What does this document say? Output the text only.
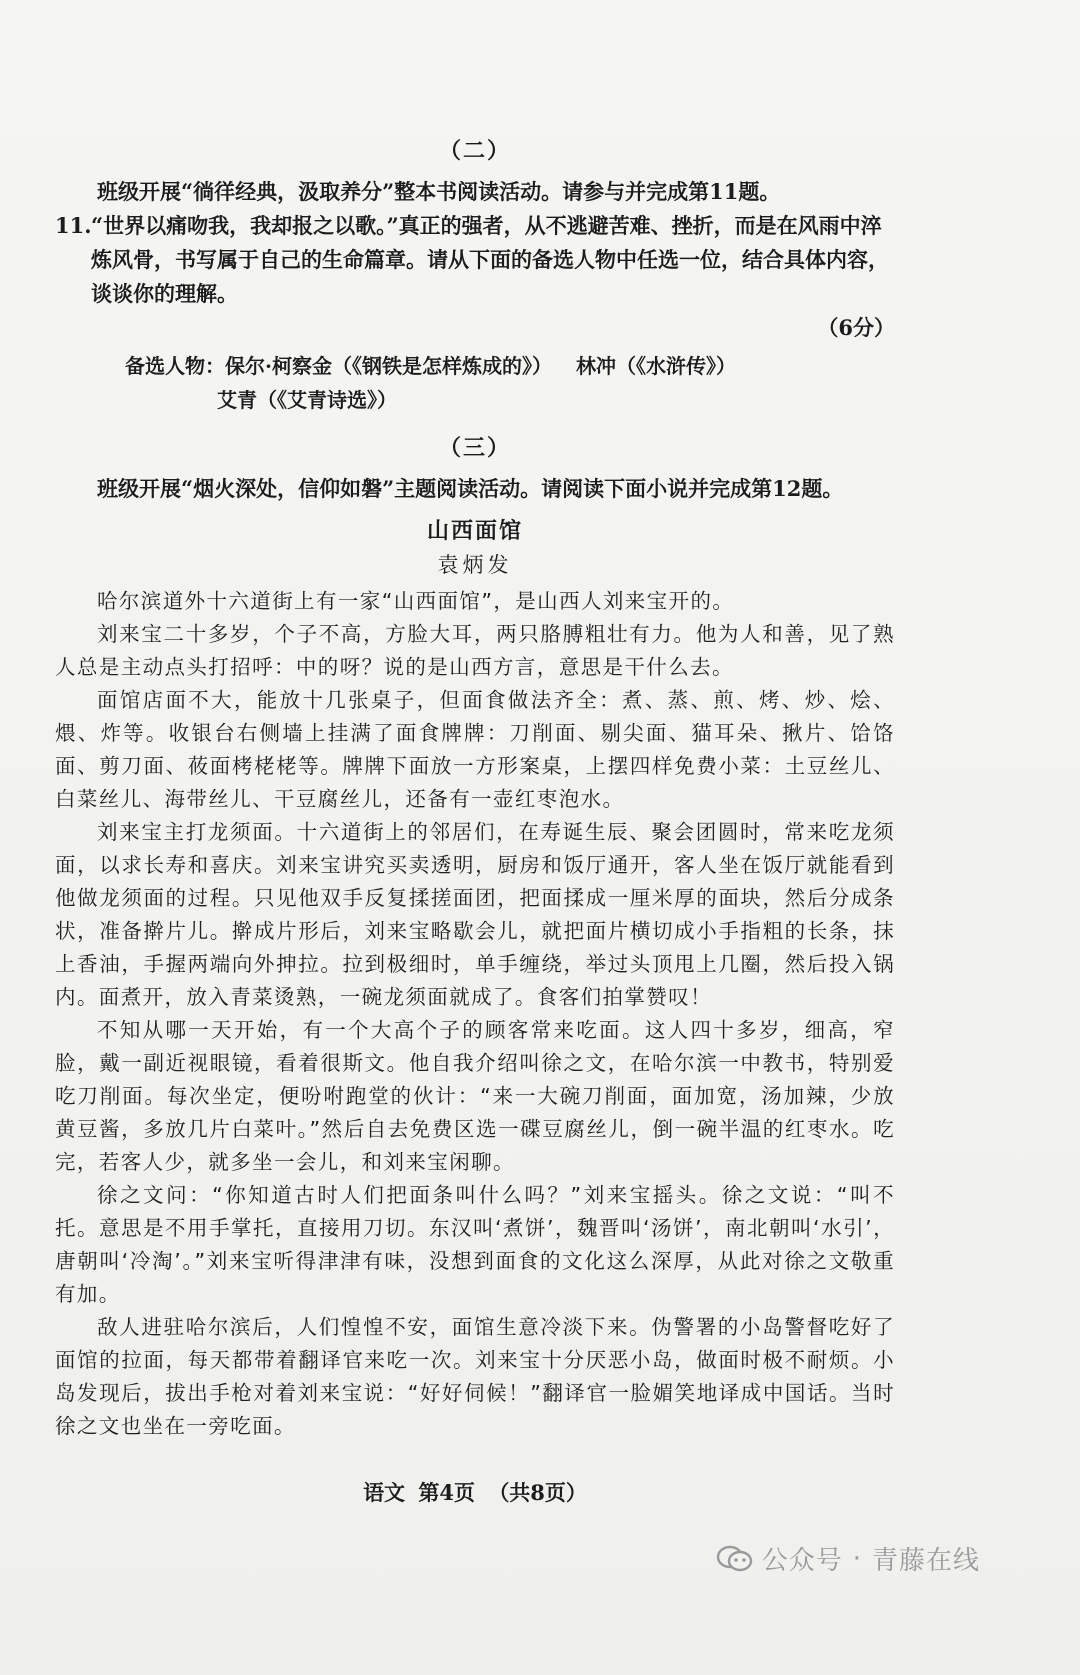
（二）

班级开展“徜徉经典，汲取养分”整本书阅读活动。请参与并完成第11题。

11.“世界以痛吻我，我却报之以歌。”真正的强者，从不逃避苦难、挫折，而是在风雨中淬炼风骨，书写属于自己的生命篇章。请从下面的备选人物中任选一位，结合具体内容，谈谈你的理解。
（6分）
备选人物：保尔·柯察金（《钢铁是怎样炼成的》） 林冲（《水浒传》）
艾青（《艾青诗选》）
（三）

班级开展“烟火深处，信仰如磐”主题阅读活动。请阅读下面小说并完成第12题。

山西面馆
袁炳发

哈尔滨道外十六道街上有一家“山西面馆”，是山西人刘来宝开的。

刘来宝二十多岁，个子不高，方脸大耳，两只胳膊粗壮有力。他为人和善，见了熟人总是主动点头打招呼：中的呀？说的是山西方言，意思是干什么去。

面馆店面不大，能放十几张桌子，但面食做法齐全：煮、蒸、煎、烤、炒、烩、煨、炸等。收银台右侧墙上挂满了面食牌牌：刀削面、剔尖面、猫耳朵、揪片、饸饹面、剪刀面、莜面栲栳栳等。牌牌下面放一方形案桌，上摆四样免费小菜：土豆丝儿、白菜丝儿、海带丝儿、干豆腐丝儿，还备有一壶红枣泡水。

刘来宝主打龙须面。十六道街上的邻居们，在寿诞生辰、聚会团圆时，常来吃龙须面，以求长寿和喜庆。刘来宝讲究买卖透明，厨房和饭厅通开，客人坐在饭厅就能看到他做龙须面的过程。只见他双手反复揉搓面团，把面揉成一厘米厚的面块，然后分成条状，准备擀片儿。擀成片形后，刘来宝略歇会儿，就把面片横切成小手指粗的长条，抹上香油，手握两端向外抻拉。拉到极细时，单手缠绕，举过头顶甩上几圈，然后投入锅内。面煮开，放入青菜烫熟，一碗龙须面就成了。食客们拍掌赞叹！

不知从哪一天开始，有一个大高个子的顾客常来吃面。这人四十多岁，细高，窄脸，戴一副近视眼镜，看着很斯文。他自我介绍叫徐之文，在哈尔滨一中教书，特别爱吃刀削面。每次坐定，便吩咐跑堂的伙计：“来一大碗刀削面，面加宽，汤加辣，少放黄豆酱，多放几片白菜叶。”然后自去免费区选一碟豆腐丝儿，倒一碗半温的红枣水。吃完，若客人少，就多坐一会儿，和刘来宝闲聊。

徐之文问：“你知道古时人们把面条叫什么吗？”刘来宝摇头。徐之文说：“叫不托。意思是不用手掌托，直接用刀切。东汉叫‘煮饼’，魏晋叫‘汤饼’，南北朝叫‘水引’，唐朝叫‘冷淘’。”刘来宝听得津津有味，没想到面食的文化这么深厚，从此对徐之文敬重有加。

敌人进驻哈尔滨后，人们惶惶不安，面馆生意冷淡下来。伪警署的小岛警督吃好了面馆的拉面，每天都带着翻译官来吃一次。刘来宝十分厌恶小岛，做面时极不耐烦。小岛发现后，拔出手枪对着刘来宝说：“好好伺候！”翻译官一脸媚笑地译成中国话。当时徐之文也坐在一旁吃面。

语文 第4页 （共8页）
公众号 · 青藤在线
